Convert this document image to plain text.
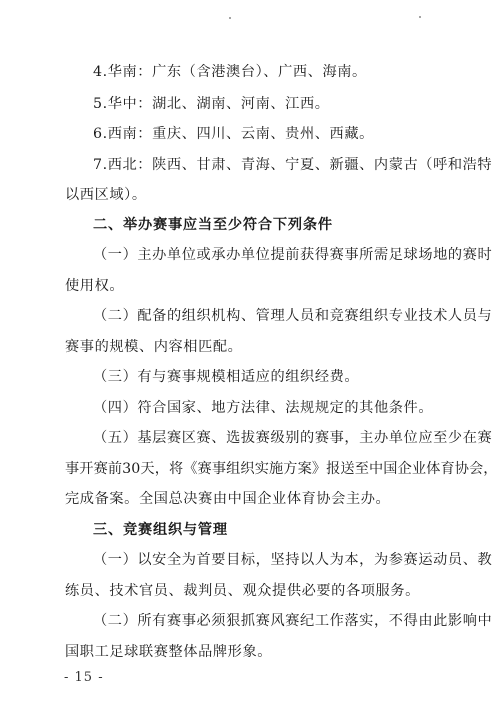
4.华南：广东（含港澳台）、广西、海南。
5.华中：湖北、湖南、河南、江西。
6.西南：重庆、四川、云南、贵州、西藏。
7.西北：陕西、甘肃、青海、宁夏、新疆、内蒙古（呼和浩特
以西区域）。
二、举办赛事应当至少符合下列条件
（一）主办单位或承办单位提前获得赛事所需足球场地的赛时
使用权。
（二）配备的组织机构、管理人员和竞赛组织专业技术人员与
赛事的规模、内容相匹配。
（三）有与赛事规模相适应的组织经费。
（四）符合国家、地方法律、法规规定的其他条件。
（五）基层赛区赛、选拔赛级别的赛事，主办单位应至少在赛
事开赛前30天，将《赛事组织实施方案》报送至中国企业体育协会，
完成备案。全国总决赛由中国企业体育协会主办。
三、竞赛组织与管理
（一）以安全为首要目标，坚持以人为本，为参赛运动员、教
练员、技术官员、裁判员、观众提供必要的各项服务。
（二）所有赛事必须狠抓赛风赛纪工作落实，不得由此影响中
国职工足球联赛整体品牌形象。
- 15 -
